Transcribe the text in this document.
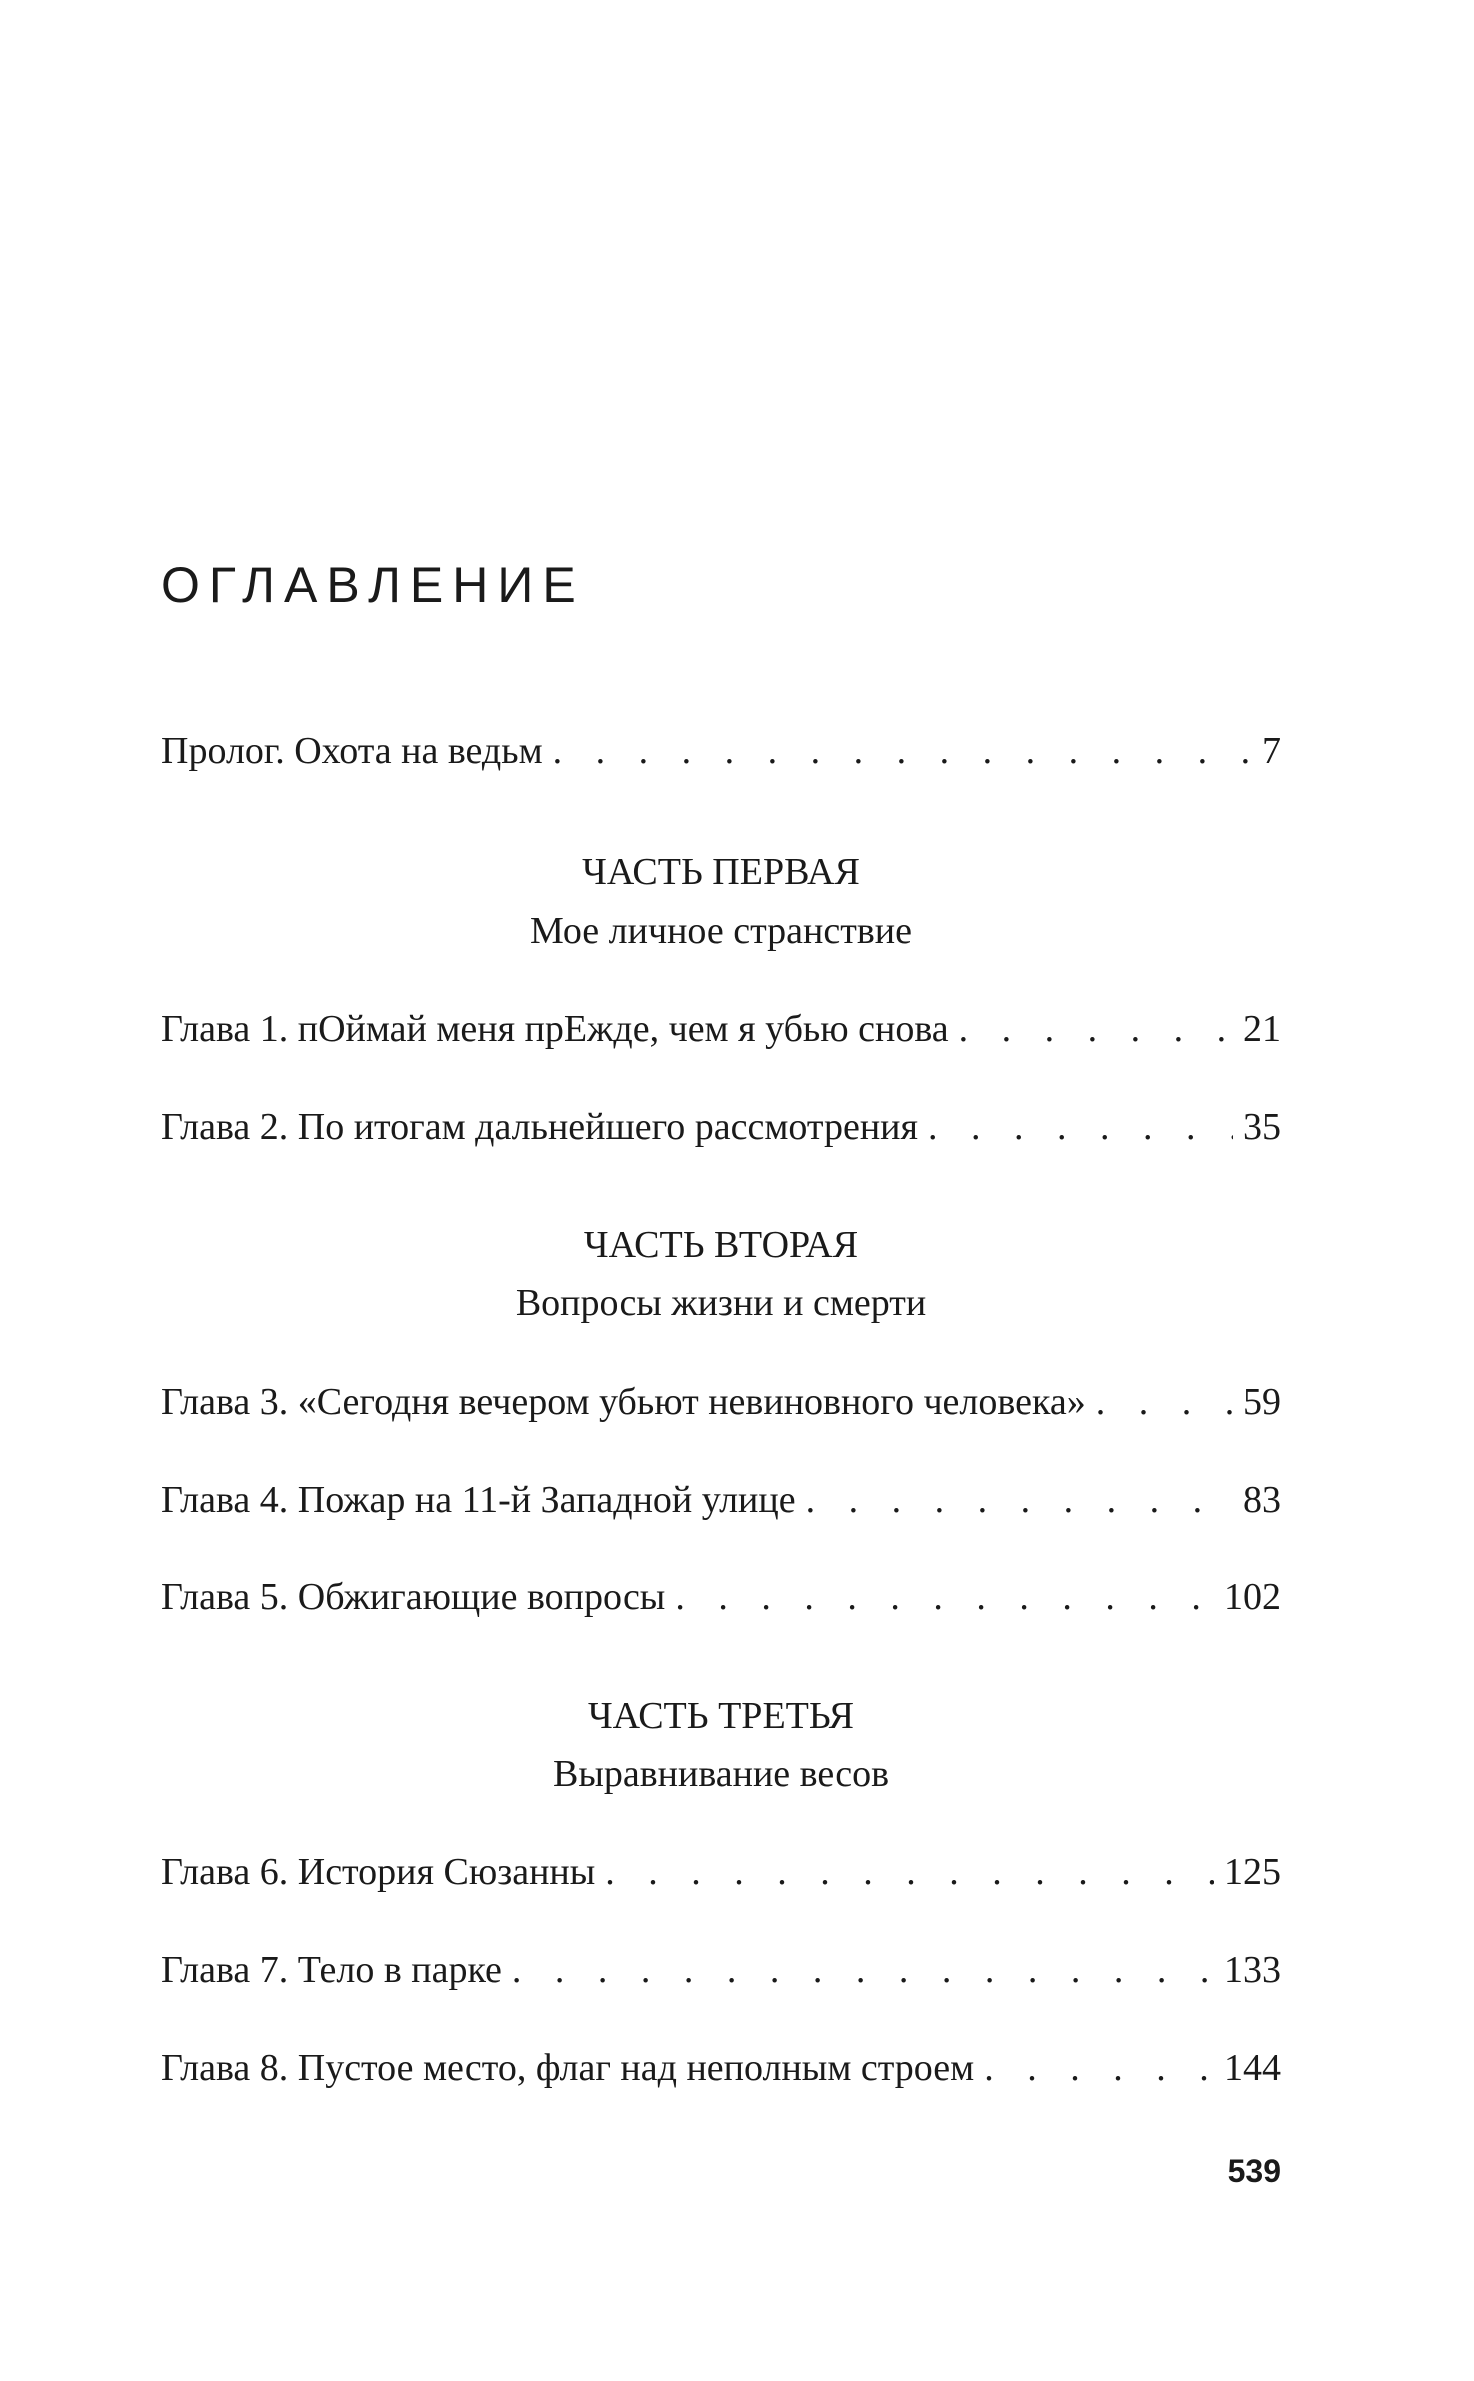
ОГЛАВЛЕНИЕ
Пролог. Охота на ведьм . . .	7
ЧАСТЬ ПЕРВАЯ
Мое личное странствие
Глава 1. пОймай меня прЕжде, чем я убью снова . . .	21
Глава 2. По итогам дальнейшего рассмотрения . . .	35
ЧАСТЬ ВТОРАЯ
Вопросы жизни и смерти
Глава 3. «Сегодня вечером убьют невиновного человека» . . .	59
Глава 4. Пожар на 11-й Западной улице . . .	83
Глава 5. Обжигающие вопросы . . .	102
ЧАСТЬ ТРЕТЬЯ
Выравнивание весов
Глава 6. История Сюзанны . . .	125
Глава 7. Тело в парке . . .	133
Глава 8. Пустое место, флаг над неполным строем . . .	144
539
